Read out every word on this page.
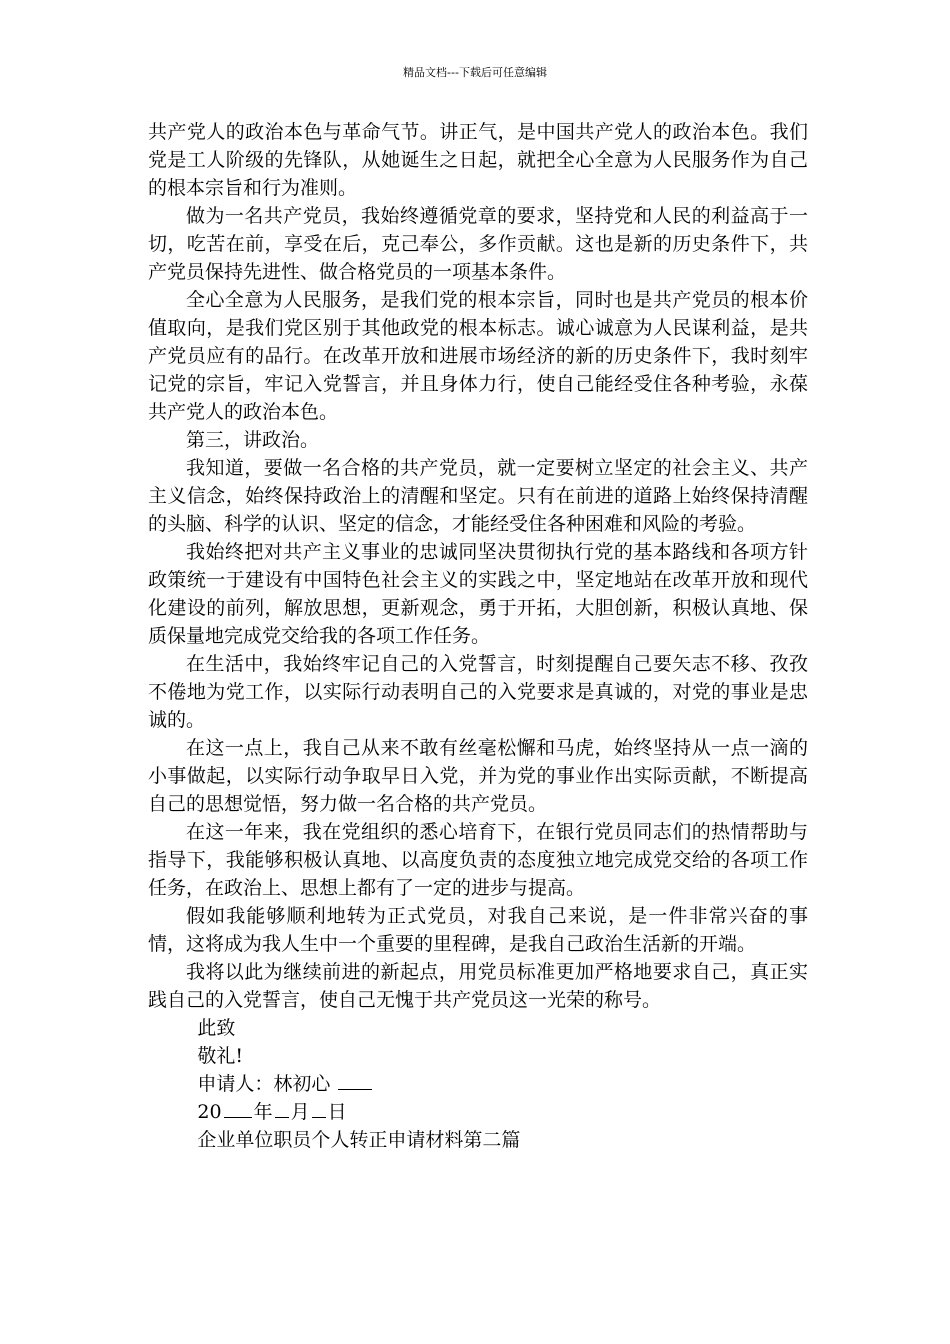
精品文档---下载后可任意编辑

共产党人的政治本色与革命气节。讲正气，是中国共产党人的政治本色。我们党是工人阶级的先锋队，从她诞生之日起，就把全心全意为人民服务作为自己的根本宗旨和行为准则。

做为一名共产党员，我始终遵循党章的要求，坚持党和人民的利益高于一切，吃苦在前，享受在后，克己奉公，多作贡献。这也是新的历史条件下，共产党员保持先进性、做合格党员的一项基本条件。

全心全意为人民服务，是我们党的根本宗旨，同时也是共产党员的根本价值取向，是我们党区别于其他政党的根本标志。诚心诚意为人民谋利益，是共产党员应有的品行。在改革开放和进展市场经济的新的历史条件下，我时刻牢记党的宗旨，牢记入党誓言，并且身体力行，使自己能经受住各种考验，永葆共产党人的政治本色。

第三，讲政治。

我知道，要做一名合格的共产党员，就一定要树立坚定的社会主义、共产主义信念，始终保持政治上的清醒和坚定。只有在前进的道路上始终保持清醒的头脑、科学的认识、坚定的信念，才能经受住各种困难和风险的考验。

我始终把对共产主义事业的忠诚同坚决贯彻执行党的基本路线和各项方针政策统一于建设有中国特色社会主义的实践之中，坚定地站在改革开放和现代化建设的前列，解放思想，更新观念，勇于开拓，大胆创新，积极认真地、保质保量地完成党交给我的各项工作任务。

在生活中，我始终牢记自己的入党誓言，时刻提醒自己要矢志不移、孜孜不倦地为党工作，以实际行动表明自己的入党要求是真诚的，对党的事业是忠诚的。

在这一点上，我自己从来不敢有丝毫松懈和马虎，始终坚持从一点一滴的小事做起，以实际行动争取早日入党，并为党的事业作出实际贡献，不断提高自己的思想觉悟，努力做一名合格的共产党员。

在这一年来，我在党组织的悉心培育下，在银行党员同志们的热情帮助与指导下，我能够积极认真地、以高度负责的态度独立地完成党交给的各项工作任务，在政治上、思想上都有了一定的进步与提高。

假如我能够顺利地转为正式党员，对我自己来说，是一件非常兴奋的事情，这将成为我人生中一个重要的里程碑，是我自己政治生活新的开端。

我将以此为继续前进的新起点，用党员标准更加严格地要求自己，真正实践自己的入党誓言，使自己无愧于共产党员这一光荣的称号。

此致

敬礼!

申请人：林初心

20 年 月 日

企业单位职员个人转正申请材料第二篇
